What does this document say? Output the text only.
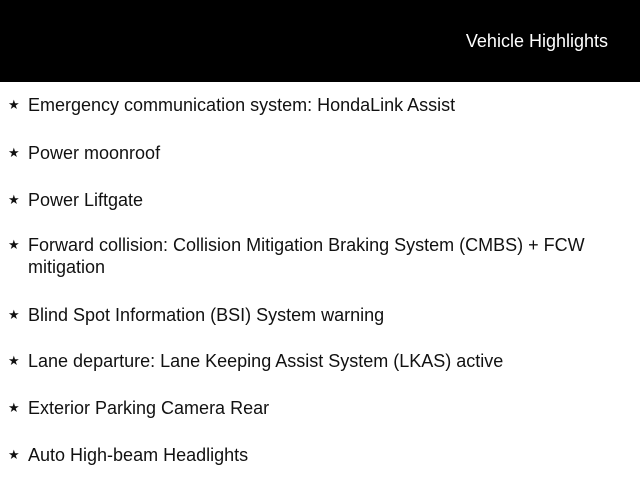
Vehicle Highlights
★ Emergency communication system: HondaLink Assist
★ Power moonroof
★ Power Liftgate
★ Forward collision: Collision Mitigation Braking System (CMBS) + FCW mitigation
★ Blind Spot Information (BSI) System warning
★ Lane departure: Lane Keeping Assist System (LKAS) active
★ Exterior Parking Camera Rear
★ Auto High-beam Headlights
